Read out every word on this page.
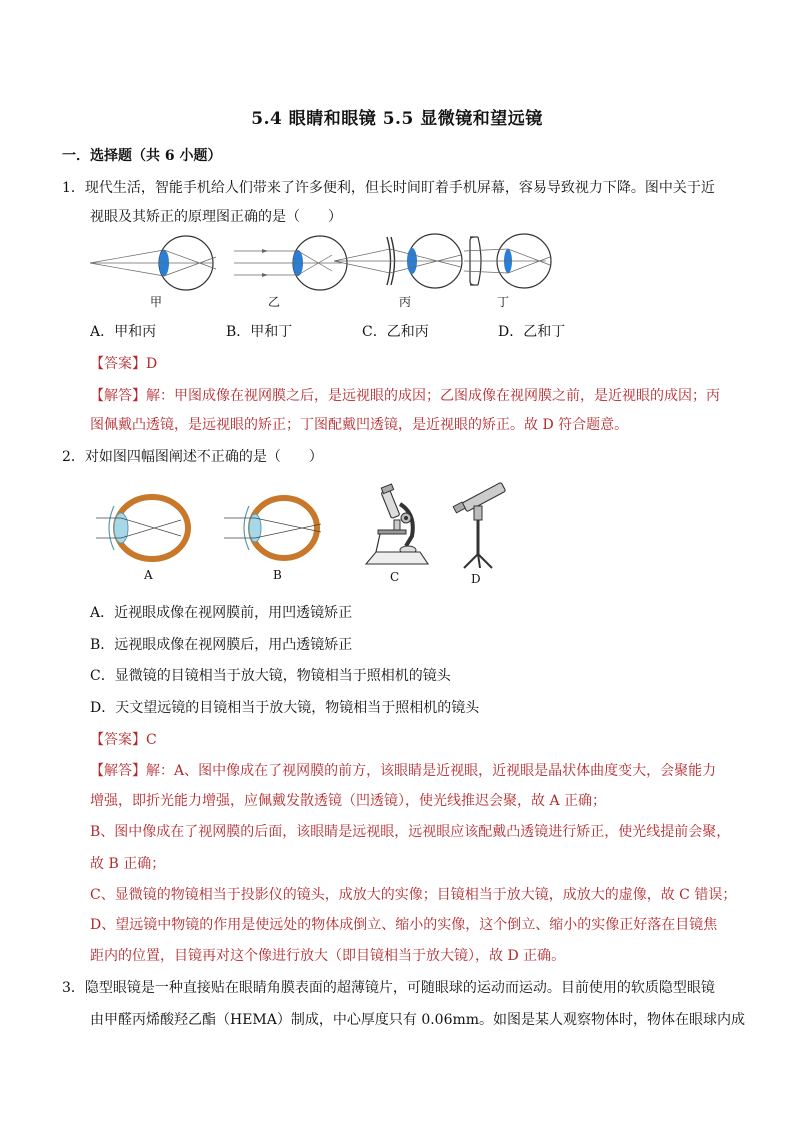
5.4 眼睛和眼镜 5.5 显微镜和望远镜
一．选择题（共 6 小题）
1．现代生活，智能手机给人们带来了许多便利，但长时间盯着手机屏幕，容易导致视力下降。图中关于近
视眼及其矫正的原理图正确的是（　　）
甲	乙	丙	丁
A．甲和丙	B．甲和丁	C．乙和丙	D．乙和丁
【答案】D
【解答】解：甲图成像在视网膜之后，是远视眼的成因；乙图成像在视网膜之前，是近视眼的成因；丙
图佩戴凸透镜，是远视眼的矫正；丁图配戴凹透镜，是近视眼的矫正。故 D 符合题意。
2．对如图四幅图阐述不正确的是（　　）
A	B	C	D
A．近视眼成像在视网膜前，用凹透镜矫正
B．远视眼成像在视网膜后，用凸透镜矫正
C．显微镜的目镜相当于放大镜，物镜相当于照相机的镜头
D．天文望远镜的目镜相当于放大镜，物镜相当于照相机的镜头
【答案】C
【解答】解：A、图中像成在了视网膜的前方，该眼睛是近视眼，近视眼是晶状体曲度变大，会聚能力
增强，即折光能力增强，应佩戴发散透镜（凹透镜），使光线推迟会聚，故 A 正确；
B、图中像成在了视网膜的后面，该眼睛是远视眼，远视眼应该配戴凸透镜进行矫正，使光线提前会聚，
故 B 正确；
C、显微镜的物镜相当于投影仪的镜头，成放大的实像；目镜相当于放大镜，成放大的虚像，故 C 错误；
D、望远镜中物镜的作用是使远处的物体成倒立、缩小的实像，这个倒立、缩小的实像正好落在目镜焦
距内的位置，目镜再对这个像进行放大（即目镜相当于放大镜），故 D 正确。
3．隐型眼镜是一种直接贴在眼睛角膜表面的超薄镜片，可随眼球的运动而运动。目前使用的软质隐型眼镜
由甲醛丙烯酸羟乙酯（HEMA）制成，中心厚度只有 0.06mm。如图是某人观察物体时，物体在眼球内成
